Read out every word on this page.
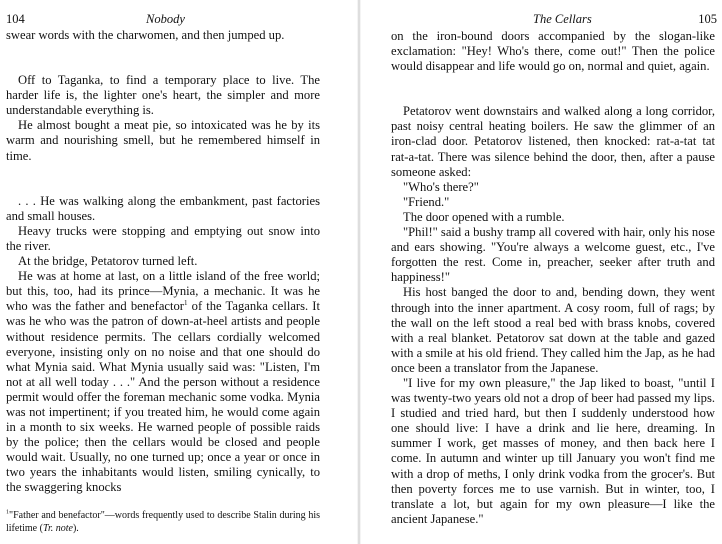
104	Nobody

swear words with the charwomen, and then jumped up.

Off to Taganka, to find a temporary place to live. The harder life is, the lighter one's heart, the simpler and more understandable everything is.

He almost bought a meat pie, so intoxicated was he by its warm and nourishing smell, but he remembered himself in time.

. . . He was walking along the embankment, past factories and small houses.

Heavy trucks were stopping and emptying out snow into the river.

At the bridge, Petatorov turned left.

He was at home at last, on a little island of the free world; but this, too, had its prince—Mynia, a mechanic. It was he who was the father and benefactor$^1$ of the Taganka cellars. It was he who was the patron of down-at-heel artists and people without residence permits. The cellars cordially welcomed everyone, insisting only on no noise and that one should do what Mynia said. What Mynia usually said was: "Listen, I'm not at all well today . . ." And the person without a residence permit would offer the foreman mechanic some vodka. Mynia was not impertinent; if you treated him, he would come again in a month to six weeks. He warned people of possible raids by the police; then the cellars would be closed and people would wait. Usually, no one turned up; once a year or once in two years the inhabitants would listen, smiling cynically, to the swaggering knocks

$^1$"Father and benefactor"—words frequently used to describe Stalin during his lifetime (Tr. note).
The Cellars	105

on the iron-bound doors accompanied by the slogan-like exclamation: "Hey! Who's there, come out!" Then the police would disappear and life would go on, normal and quiet, again.

Petatorov went downstairs and walked along a long corridor, past noisy central heating boilers. He saw the glimmer of an iron-clad door. Petatorov listened, then knocked: rat-a-tat tat rat-a-tat. There was silence behind the door, then, after a pause someone asked:

"Who's there?"

"Friend."

The door opened with a rumble.

"Phil!" said a bushy tramp all covered with hair, only his nose and ears showing. "You're always a welcome guest, etc., I've forgotten the rest. Come in, preacher, seeker after truth and happiness!"

His host banged the door to and, bending down, they went through into the inner apartment. A cosy room, full of rags; by the wall on the left stood a real bed with brass knobs, covered with a real blanket. Petatorov sat down at the table and gazed with a smile at his old friend. They called him the Jap, as he had once been a translator from the Japanese.

"I live for my own pleasure," the Jap liked to boast, "until I was twenty-two years old not a drop of beer had passed my lips. I studied and tried hard, but then I suddenly understood how one should live: I have a drink and lie here, dreaming. In summer I work, get masses of money, and then back here I come. In autumn and winter up till January you won't find me with a drop of meths, I only drink vodka from the grocer's. But then poverty forces me to use varnish. But in winter, too, I translate a lot, but again for my own pleasure—I like the ancient Japanese."
